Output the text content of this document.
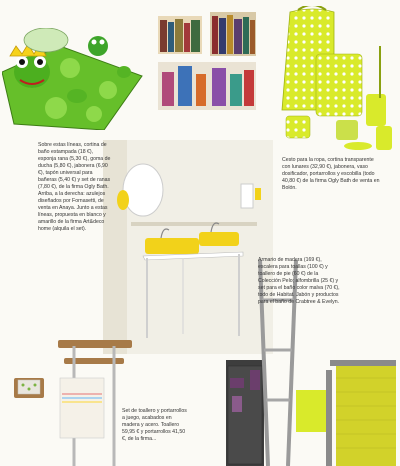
Sobre estas líneas, cortina de baño estampada (18 €), esponja rana (5,30 €), goma de ducha (5,80 €), jabonera (6,90 €), tapón universal para bañeras (5,40 €) y set de ranas (7,80 €), de la firma Ogly Bath. Arriba, a la derecha: azulejos diseñados por Fornasetti, de venta en Anaya. Junto a estas líneas, propuesta en blanco y amarillo de la firma Art&deco home (alquila el set).

Cesto para la ropa, cortina transparente con lunares (32,90 €), jabonera, vaso dosificador, portarrollos y escobilla (todo 40,80 €) de la firma Ogly Bath de venta en Bolón.

Armario de madera (169 €), escalera para toallas (100 €) y toallero de pie (60 €) de la Colección Pelo; alfombrilla (25 €) y set para el baño color malva (70 €), todo de Habitat. Jabón y productos para el baño de Crabtree & Evelyn.

Set de toallero y portarrollos a juego, acabados en madera y acero. Toallero 59,95 € y portarrollos 41,50 €, de la firma...
